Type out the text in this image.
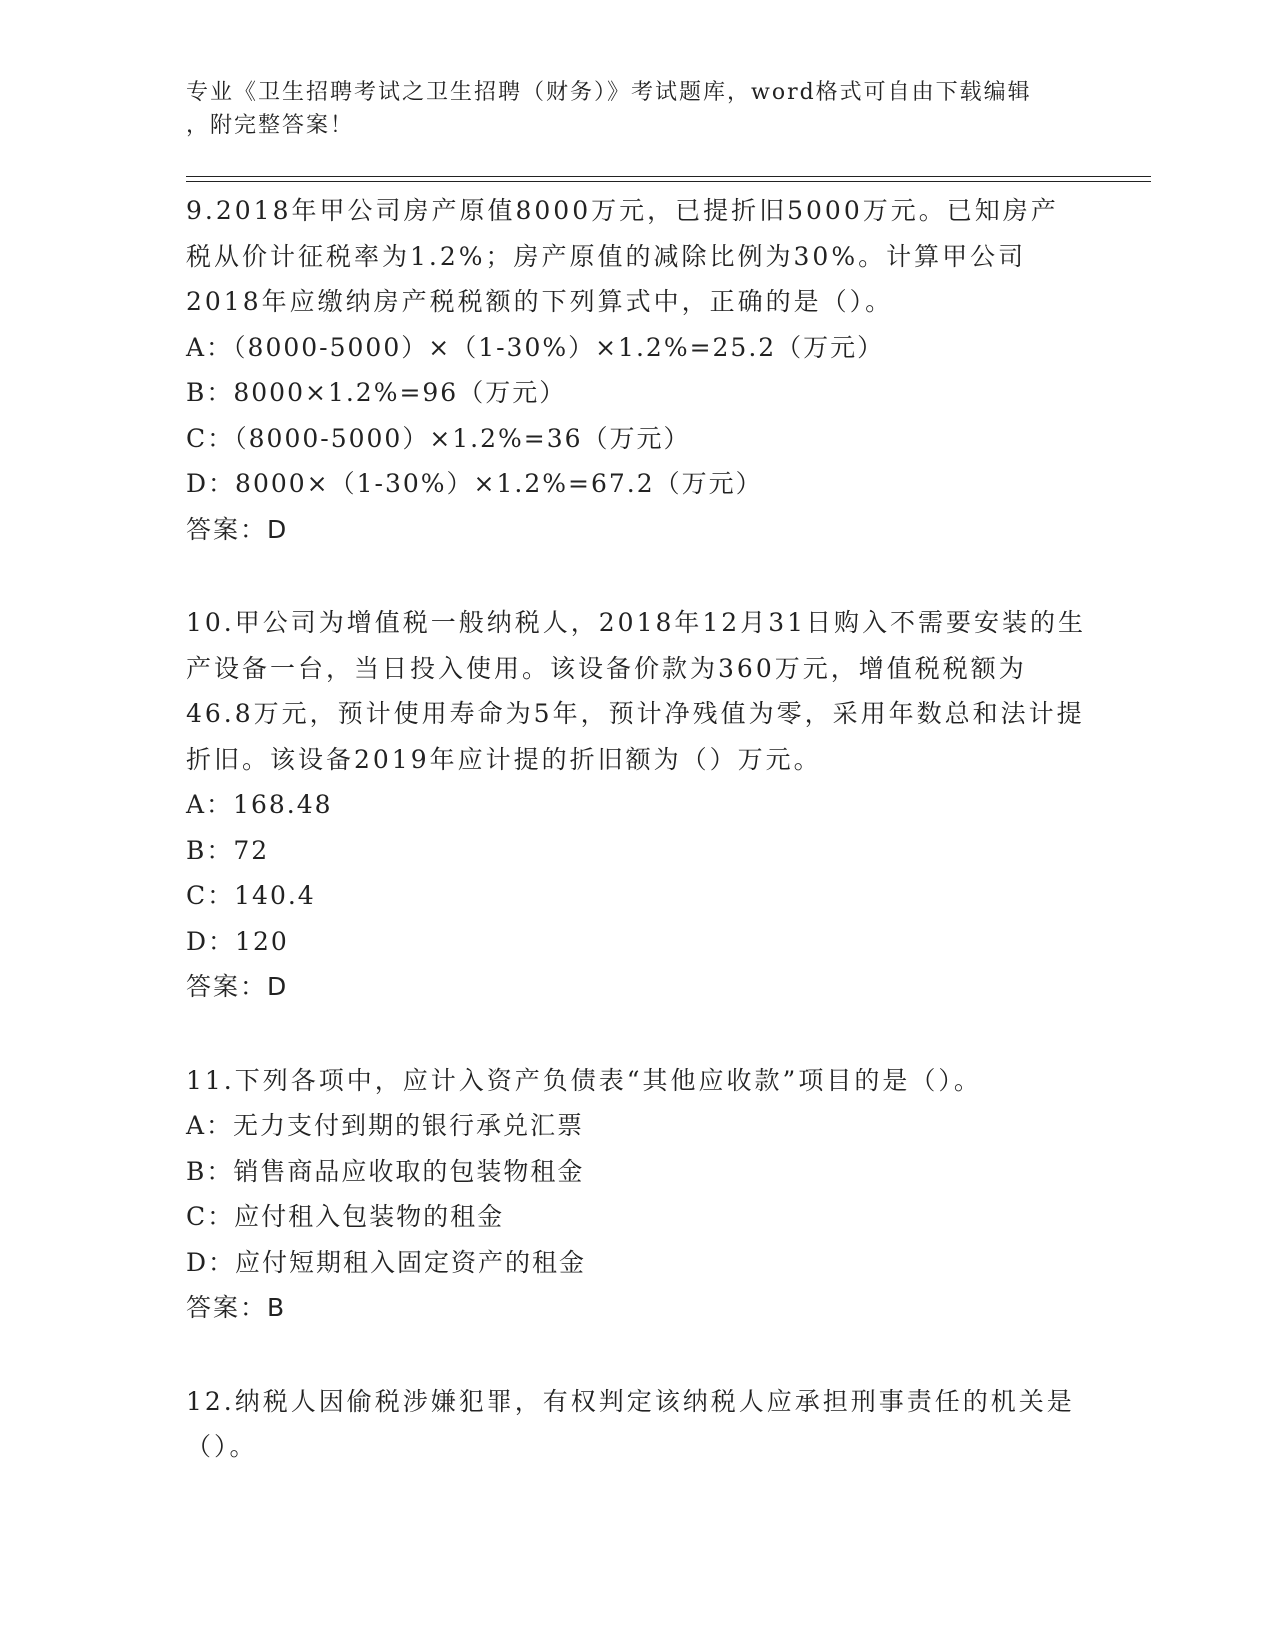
专业《卫生招聘考试之卫生招聘（财务）》考试题库，word格式可自由下载编辑
，附完整答案！
9.2018年甲公司房产原值8000万元，已提折旧5000万元。已知房产税从价计征税率为1.2%；房产原值的减除比例为30%。计算甲公司2018年应缴纳房产税税额的下列算式中，正确的是（）。
A：（8000-5000）×（1-30%）×1.2%=25.2（万元）
B：8000×1.2%=96（万元）
C：（8000-5000）×1.2%=36（万元）
D：8000×（1-30%）×1.2%=67.2（万元）
答案：D
10.甲公司为增值税一般纳税人，2018年12月31日购入不需要安装的生产设备一台，当日投入使用。该设备价款为360万元，增值税税额为46.8万元，预计使用寿命为5年，预计净残值为零，采用年数总和法计提折旧。该设备2019年应计提的折旧额为（）万元。
A：168.48
B：72
C：140.4
D：120
答案：D
11.下列各项中，应计入资产负债表“其他应收款”项目的是（）。
A：无力支付到期的银行承兑汇票
B：销售商品应收取的包装物租金
C：应付租入包装物的租金
D：应付短期租入固定资产的租金
答案：B
12.纳税人因偷税涉嫌犯罪，有权判定该纳税人应承担刑事责任的机关是（）。
